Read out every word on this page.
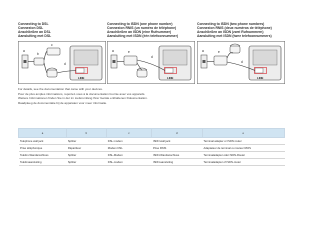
Connecting to DSL
Connexion DSL
Anschließen an DSL
Aansluiting met DSL
Connecting to ISDN (one phone number)
Connexion RNIS (un numéro de téléphone)
Anschließen an ISDN (eine Rufnummer)
Aansluiting met ISDN (één telefoonnummer)
Connecting to ISDN (two phone numbers)
Connexion RNIS (deux numéros de téléphone)
Anschließen an ISDN (zwei Rufnummern)
Aansluiting met ISDN (twee telefoonnummers)
a
b
c
d
LINE
a
d
e
LINE
a
d
e
LINE
For details, see the documentation that came with your devices.
Pour de plus amples informations, reportez-vous à la documentation fournie avec vos appareils.
Weitere Informationen finden Sie in der im Lieferumfang Ihrer Geräte enthaltenen Dokumentation.
Raadpleeg de documentatie bij de apparaten voor meer informatie.
a	b	c	d	e
Telephone wall jack	Splitter	DSL modem	ISDN wall jack	Terminal adapter or ISDN router
Prise téléphonique	Répartiteur	Modem DSL	Prise RNIS	Adaptateur de terminal ou routeur RNIS
Telefon-Wandanschluss	Splitter	DSL-Modem	ISDN-Wandanschluss	Terminaladapter oder ISDN-Router
Telefonaansluiting	Splitter	DSL-modem	ISDN-aansluiting	Terminaladapter of ISDN-router
